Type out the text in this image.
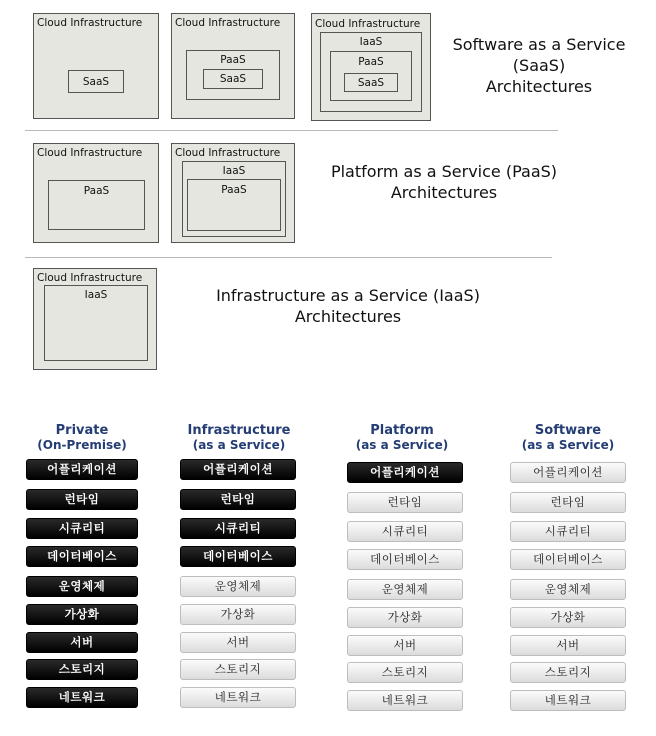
Cloud Infrastructure
SaaS
Cloud Infrastructure
PaaS
SaaS
Cloud Infrastructure
IaaS
PaaS
SaaS
Software as a Service
(SaaS)
Architectures
Cloud Infrastructure
PaaS
Cloud Infrastructure
IaaS
PaaS
Platform as a Service (PaaS)
Architectures
Cloud Infrastructure
IaaS	Infrastructure as a Service (IaaS)
Architectures
Private
(On-Premise)
Infrastructure
(as a Service)
Platform
(as a Service)
Software
(as a Service)
어플리케이션
런타임
시큐리티
데이터베이스
운영체제
가상화
서버
스토리지
네트워크
어플리케이션
런타임
시큐리티
데이터베이스
운영체제
가상화
서버
스토리지
네트워크
어플리케이션
런타임
시큐리티
데이터베이스
운영체제
가상화
서버
스토리지
네트워크
어플리케이션
런타임
시큐리티
데이터베이스
운영체제
가상화
서버
스토리지
네트워크
